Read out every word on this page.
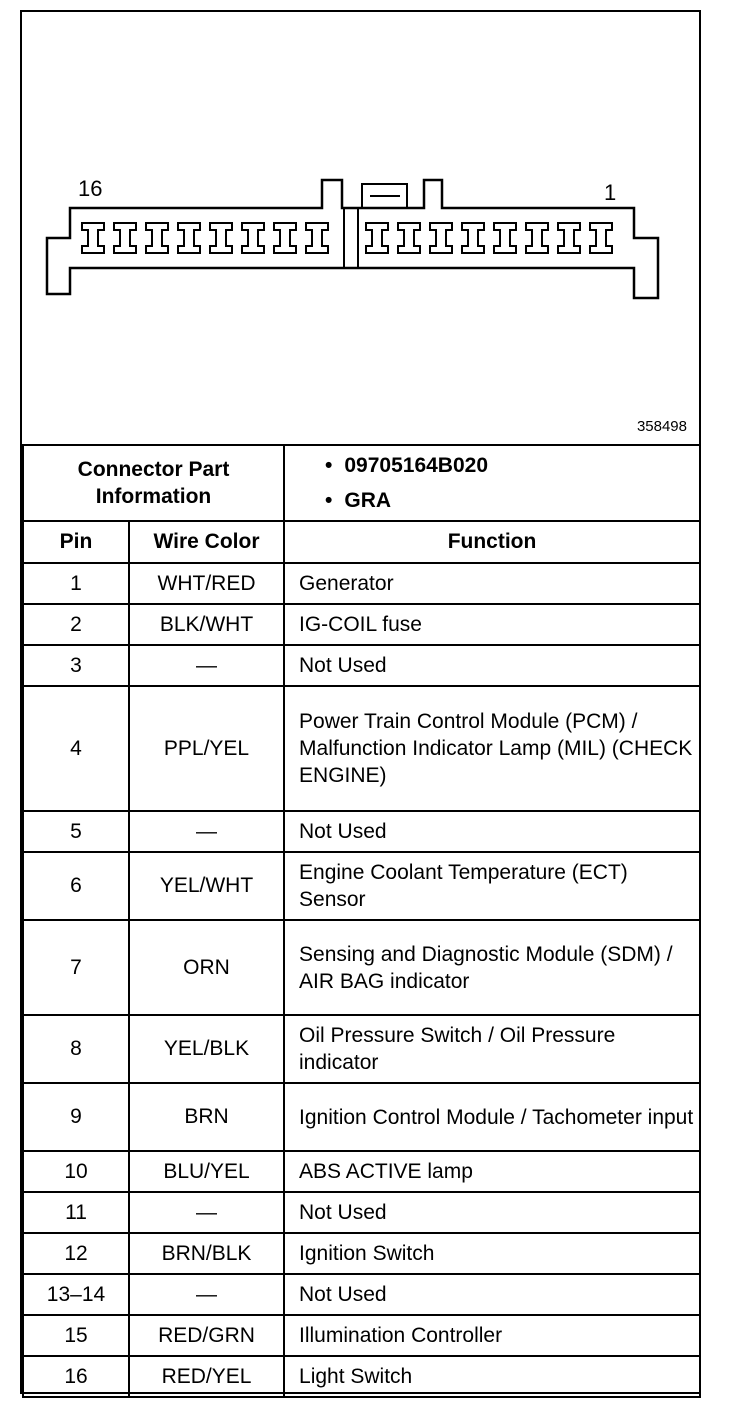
16	1
358498
Connector Part Information		• 09705164B020
• GRA

Pin	Wire Color	Function
1	WHT/RED	Generator
2	BLK/WHT	IG-COIL fuse
3	—	Not Used
4	PPL/YEL	Power Train Control Module (PCM) / Malfunction Indicator Lamp (MIL) (CHECK ENGINE)
5	—	Not Used
6	YEL/WHT	Engine Coolant Temperature (ECT) Sensor
7	ORN	Sensing and Diagnostic Module (SDM) / AIR BAG indicator
8	YEL/BLK	Oil Pressure Switch / Oil Pressure indicator
9	BRN	Ignition Control Module / Tachometer input
10	BLU/YEL	ABS ACTIVE lamp
11	—	Not Used
12	BRN/BLK	Ignition Switch
13–14	—	Not Used
15	RED/GRN	Illumination Controller
16	RED/YEL	Light Switch
